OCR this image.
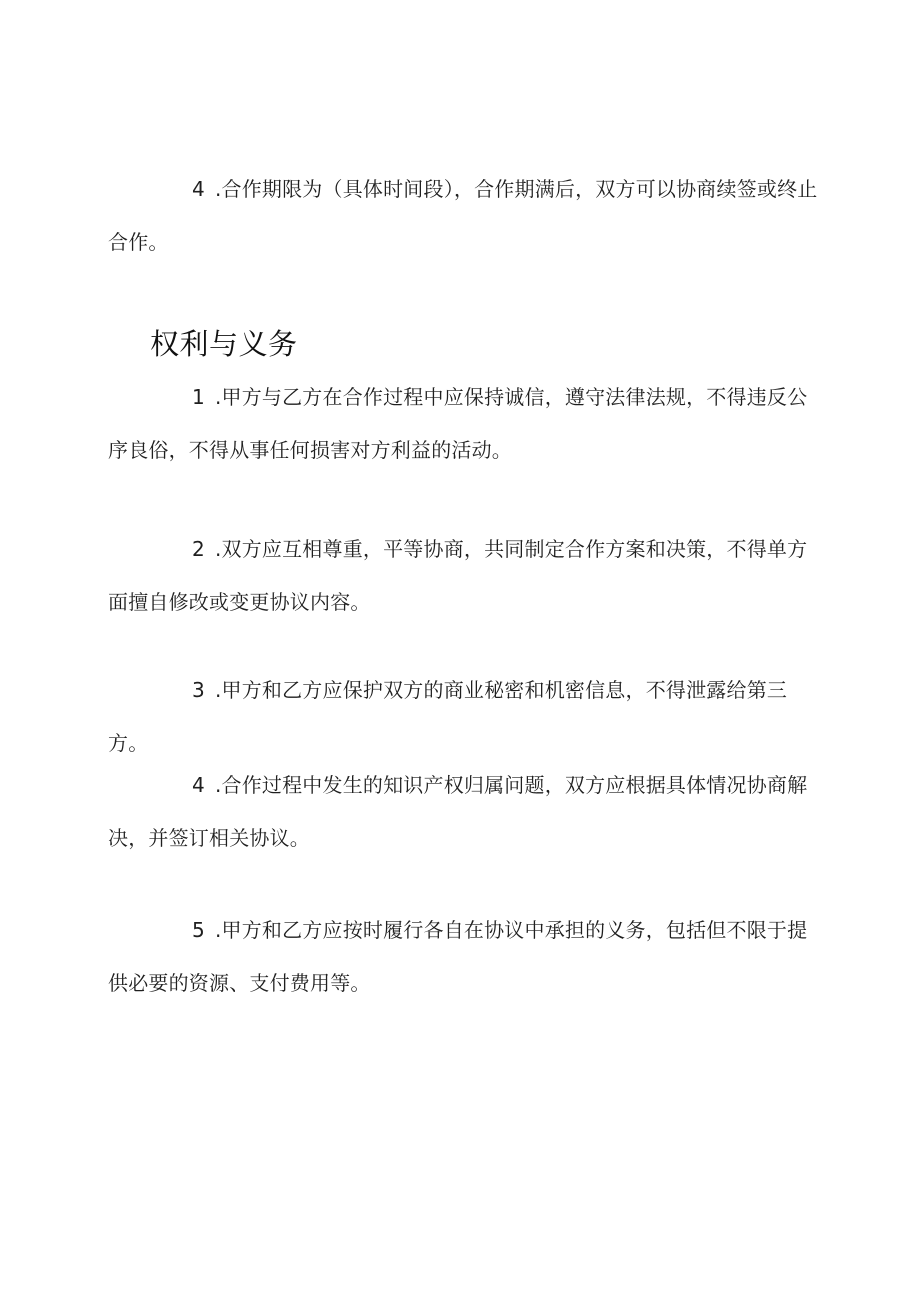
4 .合作期限为（具体时间段），合作期满后，双方可以协商续签或终止合作。

权利与义务

1 .甲方与乙方在合作过程中应保持诚信，遵守法律法规，不得违反公序良俗，不得从事任何损害对方利益的活动。

2 .双方应互相尊重，平等协商，共同制定合作方案和决策，不得单方面擅自修改或变更协议内容。

3 .甲方和乙方应保护双方的商业秘密和机密信息，不得泄露给第三方。

4 .合作过程中发生的知识产权归属问题，双方应根据具体情况协商解决，并签订相关协议。

5 .甲方和乙方应按时履行各自在协议中承担的义务，包括但不限于提供必要的资源、支付费用等。
